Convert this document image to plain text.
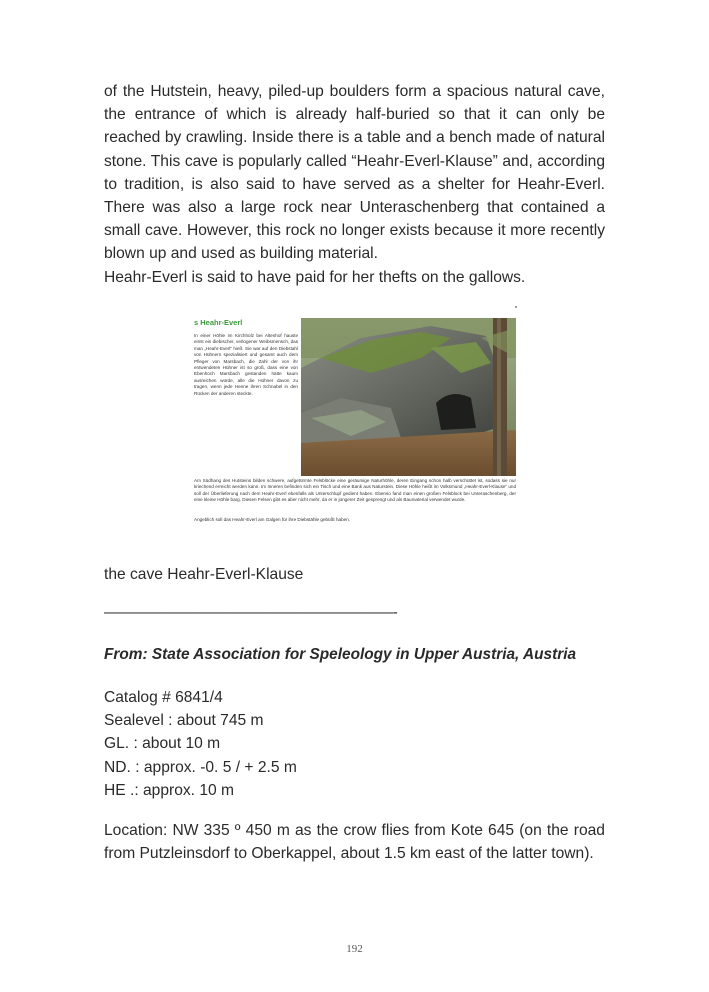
of the Hutstein, heavy, piled-up boulders form a spacious natural cave, the entrance of which is already half-buried so that it can only be reached by crawling. Inside there is a table and a bench made of natural stone. This cave is popularly called “Heahr-Everl-Klause” and, according to tradition, is also said to have served as a shelter for Heahr-Everl. There was also a large rock near Unteraschenberg that contained a small cave. However, this rock no longer exists because it more recently blown up and used as building material.
Heahr-Everl is said to have paid for her thefts on the gallows.

s Heahr-Everl
In einer Höhle im Kirchholz bei Altenhof hauste einst ein diebischer, verlogener Weibsmensch, das man „Heahr-Everl“ hieß. Sie war auf den Diebstahl von Hühnern spezialisiert und gesamt auch dem Pfleger von Marsbach, die Zahl der von ihr entwendeten Hühner ist so groß, dass eine von Ebenhoch Marsbach gestanden hätte kaum ausreichen würde, alle die Hühner davon zu tragen, wenn jede Henne ihren Schnabel in den Rücken der anderen steckte.
Am Südhang des Hutsteins bilden schwere, aufgetürmte Felsblöcke eine geräumige Naturhöhle, deren Eingang schon halb verschüttet ist, sodass sie nur kriechend erreicht werden kann. Im Inneren befinden sich ein Tisch und eine Bank aus Naturstein. Diese Höhle heißt im Volksmund „Heahr-Everl-Klause“ und soll der Überlieferung nach dem Heahr-Everl ebenfalls als Unterschlupf gedient haben. Ebenso fand man einen großen Felsblock bei Unteraschenberg, der eine kleine Höhle barg. Diesen Felsen gibt es aber nicht mehr, da er in jüngerer Zeit gesprengt und als Baumaterial verwendet wurde.
Angeblich soll das Heahr-Everl am Galgen für ihre Diebstähle gebüßt haben.

the cave Heahr-Everl-Klause

———————————————————-

From: State Association for Speleology in Upper Austria, Austria

Catalog # 6841/4
Sealevel : about 745 m
GL. : about 10 m
ND. : approx. -0. 5 / + 2.5 m
HE .: approx. 10 m

Location: NW 335 º 450 m as the crow flies from Kote 645 (on the road from Putzleinsdorf to Oberkappel, about 1.5 km east of the latter town).

192
